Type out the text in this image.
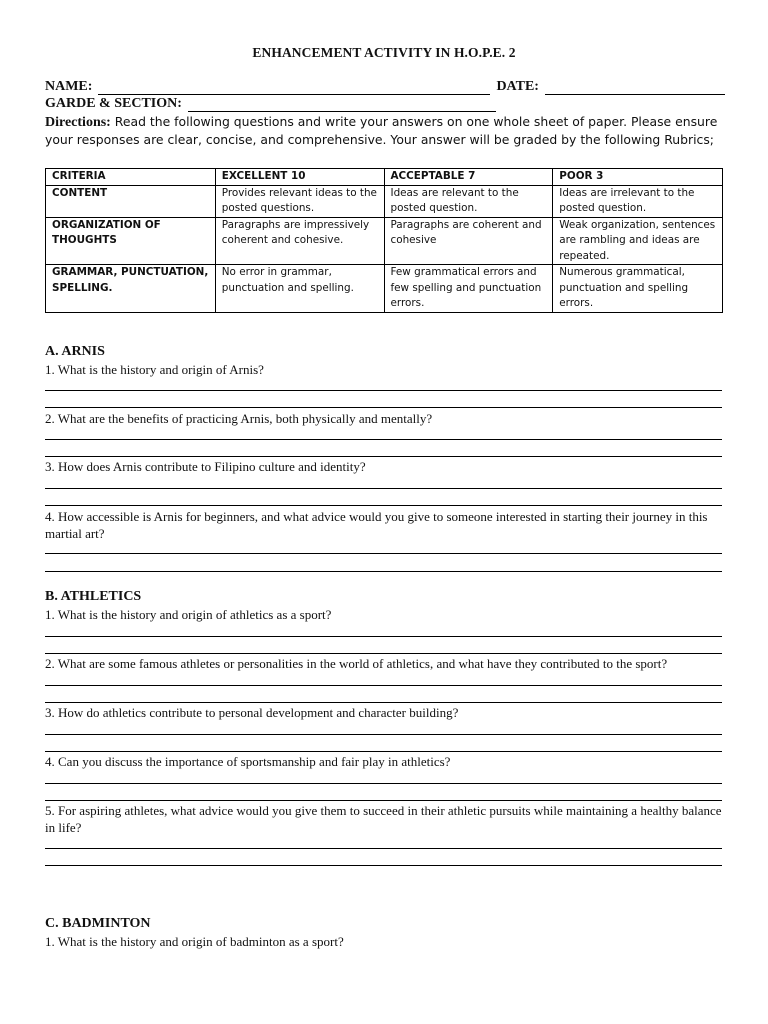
ENHANCEMENT ACTIVITY IN H.O.P.E. 2
NAME:	DATE:
GARDE & SECTION:
Directions: Read the following questions and write your answers on one whole sheet of paper. Please ensure your responses are clear, concise, and comprehensive. Your answer will be graded by the following Rubrics;
CRITERIA	EXCELLENT 10	ACCEPTABLE 7	POOR 3
CONTENT	Provides relevant ideas to the posted questions.	Ideas are relevant to the posted question.	Ideas are irrelevant to the posted question.
ORGANIZATION OF THOUGHTS	Paragraphs are impressively coherent and cohesive.	Paragraphs are coherent and cohesive	Weak organization, sentences are rambling and ideas are repeated.
GRAMMAR, PUNCTUATION, SPELLING.	No error in grammar, punctuation and spelling.	Few grammatical errors and few spelling and punctuation errors.	Numerous grammatical, punctuation and spelling errors.
A. ARNIS
1. What is the history and origin of Arnis?
2. What are the benefits of practicing Arnis, both physically and mentally?
3. How does Arnis contribute to Filipino culture and identity?
4. How accessible is Arnis for beginners, and what advice would you give to someone interested in starting their journey in this martial art?
B. ATHLETICS
1. What is the history and origin of athletics as a sport?
2. What are some famous athletes or personalities in the world of athletics, and what have they contributed to the sport?
3. How do athletics contribute to personal development and character building?
4. Can you discuss the importance of sportsmanship and fair play in athletics?
5. For aspiring athletes, what advice would you give them to succeed in their athletic pursuits while maintaining a healthy balance in life?
C. BADMINTON
1. What is the history and origin of badminton as a sport?
